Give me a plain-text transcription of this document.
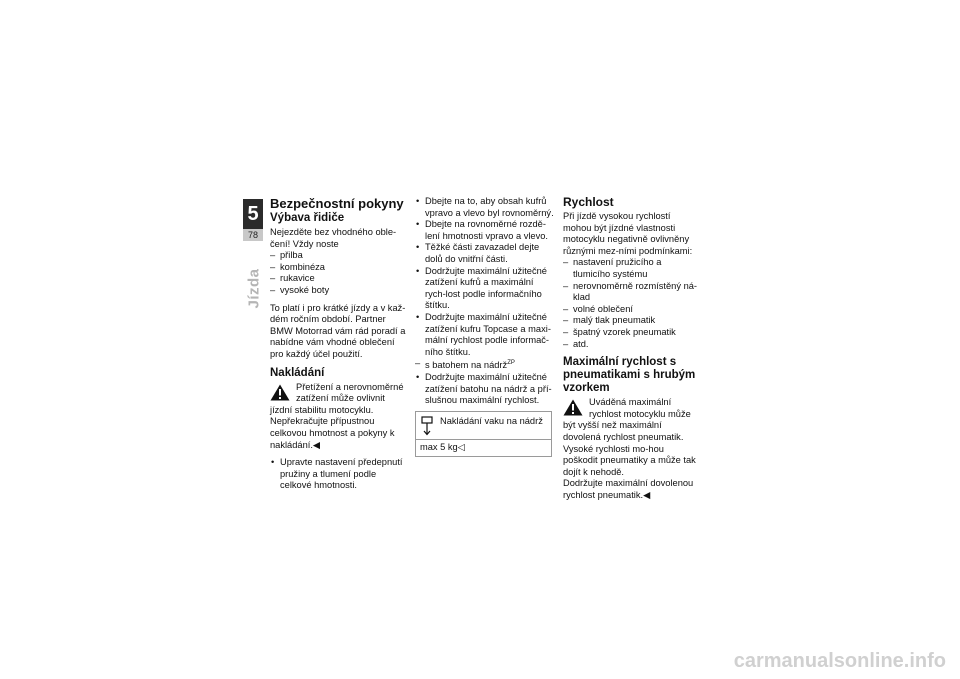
5
78
Jízda
Bezpečnostní pokyny
Výbava řidiče

Nejezděte bez vhodného oble-čení! Vždy noste

– přilba
– kombinéza
– rukavice
– vysoké boty

To platí i pro krátké jízdy a v kaž-dém ročním období. Partner BMW Motorrad vám rád poradí a nabídne vám vhodné oblečení pro každý účel použití.

Nakládání
Přetížení a nerovnoměrné zatížení může ovlivnit jízdní stabilitu motocyklu.
Nepřekračujte přípustnou celkovou hmotnost a pokyny k nakládání.◀
• Upravte nastavení předepnutí pružiny a tlumení podle celkové hmotnosti.
• Dbejte na to, aby obsah kufrů vpravo a vlevo byl rovnoměrný.
• Dbejte na rovnoměrné rozdě-lení hmotnosti vpravo a vlevo.
• Těžké části zavazadel dejte dolů do vnitřní části.
• Dodržujte maximální užitečné zatížení kufrů a maximální rych-lost podle informačního štítku.
• Dodržujte maximální užitečné zatížení kufru Topcase a maxi-mální rychlost podle informač-ního štítku.
– s batohem na nádrž$^{ZP}$
• Dodržujte maximální užitečné zatížení batohu na nádrž a pří-slušnou maximální rychlost.
Nakládání vaku na nádrž
max 5 kg◁
Rychlost

Při jízdě vysokou rychlostí mohou být jízdné vlastnosti motocyklu negativně ovlivněny různými mez-ními podmínkami:

– nastavení pružicího a tlumicího systému
– nerovnoměrně rozmístěný ná-klad
– volné oblečení
– malý tlak pneumatik
– špatný vzorek pneumatik
– atd.
Maximální rychlost s pneumatikami s hrubým vzorkem
Uváděná maximální rychlost motocyklu může být vyšší než maximální dovolená rychlost pneumatik. Vysoké rychlosti mo-hou poškodit pneumatiky a může tak dojít k nehodě.
Dodržujte maximální dovolenou rychlost pneumatik.◀
carmanualsonline.info
